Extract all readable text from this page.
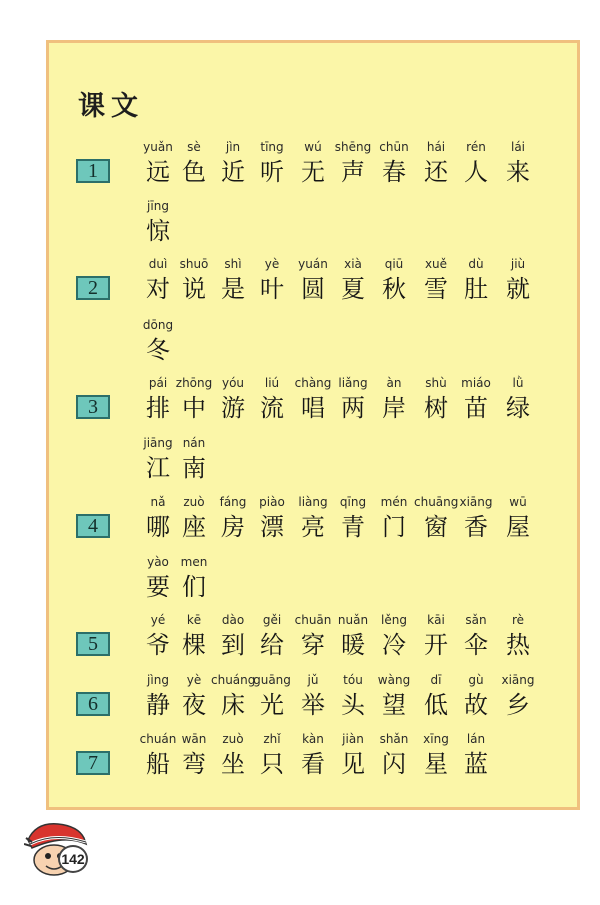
课文
1
yuǎn
远
sè
色
jìn
近
tīng
听
wú
无
shēng
声
chūn
春
hái
还
rén
人
lái
来
jīng
惊
2
duì
对
shuō
说
shì
是
yè
叶
yuán
圆
xià
夏
qiū
秋
xuě
雪
dù
肚
jiù
就
dōng
冬
3
pái
排
zhōng
中
yóu
游
liú
流
chàng
唱
liǎng
两
àn
岸
shù
树
miáo
苗
lǜ
绿
jiāng
江
nán
南
4
nǎ
哪
zuò
座
fáng
房
piào
漂
liàng
亮
qīng
青
mén
门
chuāng
窗
xiāng
香
wū
屋
yào
要
men
们
5
yé
爷
kē
棵
dào
到
gěi
给
chuān
穿
nuǎn
暖
lěng
冷
kāi
开
sǎn
伞
rè
热
6
jìng
静
yè
夜
chuáng
床
guāng
光
jǔ
举
tóu
头
wàng
望
dī
低
gù
故
xiāng
乡
7
chuán
船
wān
弯
zuò
坐
zhǐ
只
kàn
看
jiàn
见
shǎn
闪
xīng
星
lán
蓝
142
